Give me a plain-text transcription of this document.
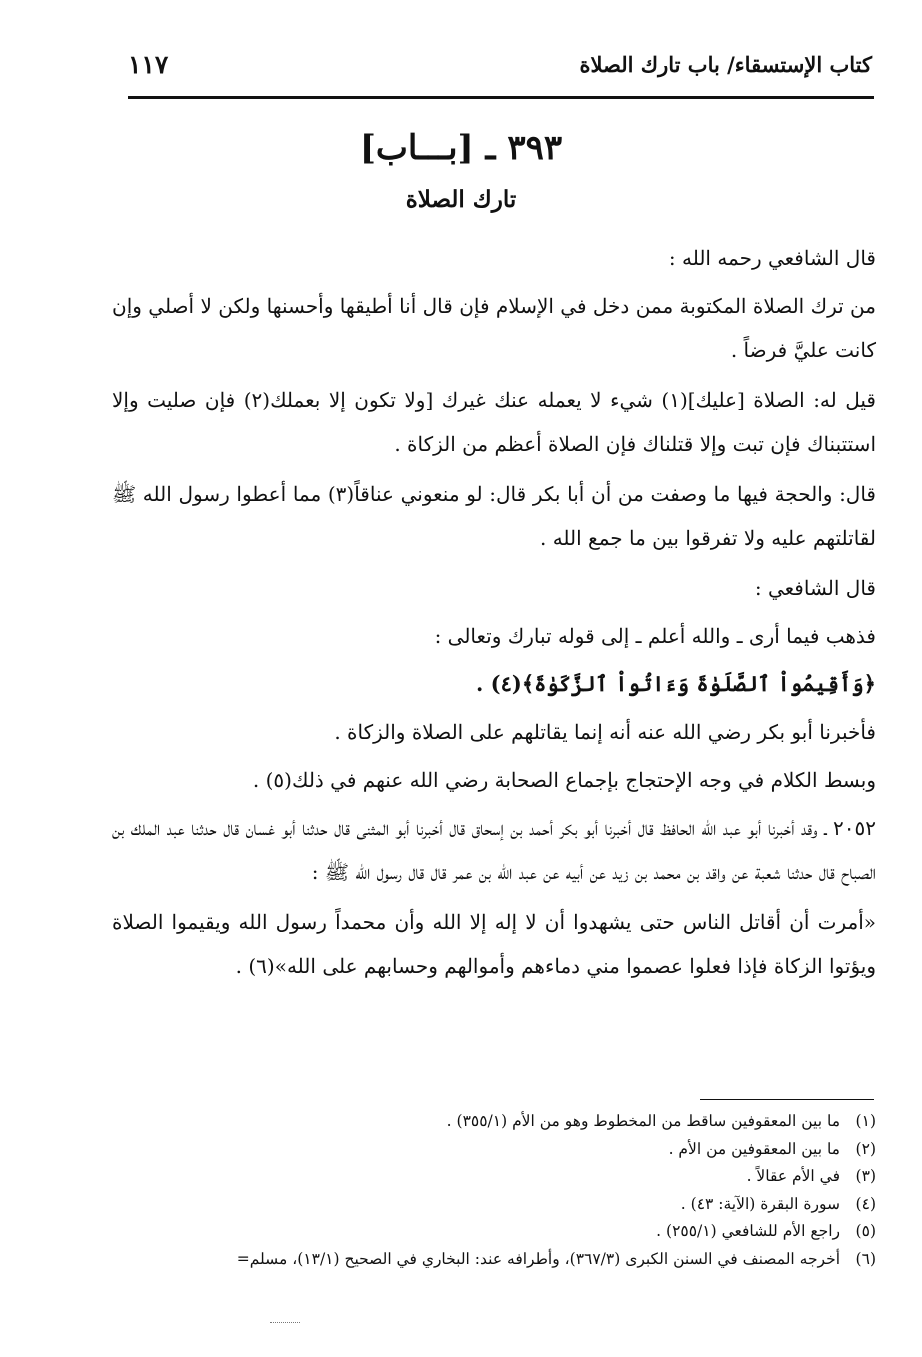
كتاب الإستسقاء/ باب تارك الصلاة
١١٧
٣٩٣ ـ [بـــاب]
تارك الصلاة

قال الشافعي رحمه الله :

من ترك الصلاة المكتوبة ممن دخل في الإسلام فإن قال أنا أطيقها وأحسنها ولكن لا أصلي وإن كانت عليَّ فرضاً .

قيل له: الصلاة [عليك](١) شيء لا يعمله عنك غيرك [ولا تكون إلا بعملك(٢) فإن صليت وإلا استتبناك فإن تبت وإلا قتلناك فإن الصلاة أعظم من الزكاة .

قال: والحجة فيها ما وصفت من أن أبا بكر قال: لو منعوني عناقاً(٣) مما أعطوا رسول الله ﷺ لقاتلتهم عليه ولا تفرقوا بين ما جمع الله .

قال الشافعي :

فذهب فيما أرى ـ والله أعلم ـ إلى قوله تبارك وتعالى :

﴿وَأَقِيمُواْ ٱلصَّلَوٰةَ وَءَاتُواْ ٱلزَّكَوٰةَ﴾(٤) .

فأخبرنا أبو بكر رضي الله عنه أنه إنما يقاتلهم على الصلاة والزكاة .

وبسط الكلام في وجه الإحتجاج بإجماع الصحابة رضي الله عنهم في ذلك(٥) .

٢٠٥٢ ـ وقد أخبرنا أبو عبد الله الحافظ قال أخبرنا أبو بكر أحمد بن إسحاق قال أخبرنا أبو المثنى قال حدثنا أبو غسان قال حدثنا عبد الملك بن الصباح قال حدثنا شعبة عن واقد بن محمد بن زيد عن أبيه عن عبد الله بن عمر قال قال رسول الله ﷺ :

«أمرت أن أقاتل الناس حتى يشهدوا أن لا إله إلا الله وأن محمداً رسول الله ويقيموا الصلاة ويؤتوا الزكاة فإذا فعلوا عصموا مني دماءهم وأموالهم وحسابهم على الله»(٦) .

(١)ما بين المعقوفين ساقط من المخطوط وهو من الأم (٣٥٥/١) .
(٢)ما بين المعقوفين من الأم .
(٣)في الأم عقالاً .
(٤)سورة البقرة (الآية: ٤٣) .
(٥)راجع الأم للشافعي (٢٥٥/١) .
(٦)أخرجه المصنف في السنن الكبرى (٣٦٧/٣)، وأطرافه عند: البخاري في الصحيح (١٣/١)، مسلم=
